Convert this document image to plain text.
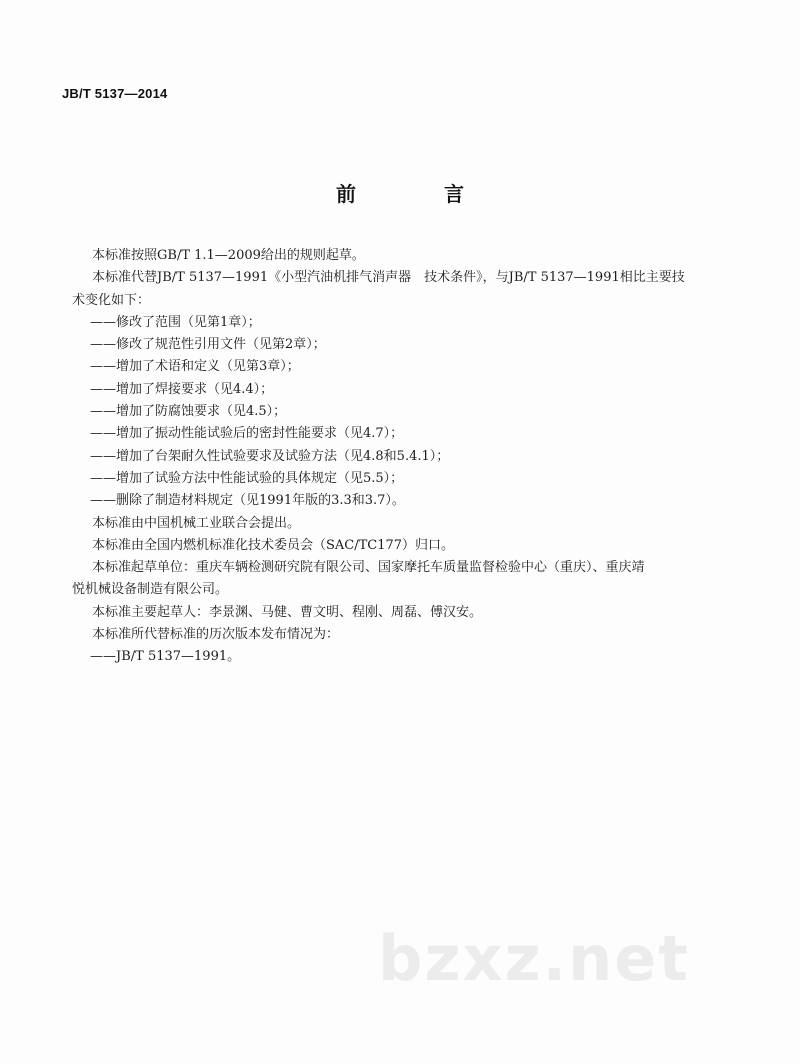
JB/T 5137—2014
前　言

本标准按照GB/T 1.1—2009给出的规则起草。

本标准代替JB/T 5137—1991《小型汽油机排气消声器　技术条件》，与JB/T 5137—1991相比主要技

术变化如下：

——修改了范围（见第1章）；

——修改了规范性引用文件（见第2章）；

——增加了术语和定义（见第3章）；

——增加了焊接要求（见4.4）；

——增加了防腐蚀要求（见4.5）；

——增加了振动性能试验后的密封性能要求（见4.7）；

——增加了台架耐久性试验要求及试验方法（见4.8和5.4.1）；

——增加了试验方法中性能试验的具体规定（见5.5）；

——删除了制造材料规定（见1991年版的3.3和3.7）。

本标准由中国机械工业联合会提出。

本标准由全国内燃机标准化技术委员会（SAC/TC177）归口。

本标准起草单位：重庆车辆检测研究院有限公司、国家摩托车质量监督检验中心（重庆）、重庆靖

悦机械设备制造有限公司。

本标准主要起草人：李景渊、马健、曹文明、程刚、周磊、傅汉安。

本标准所代替标准的历次版本发布情况为：

——JB/T 5137—1991。

bzxz.net
